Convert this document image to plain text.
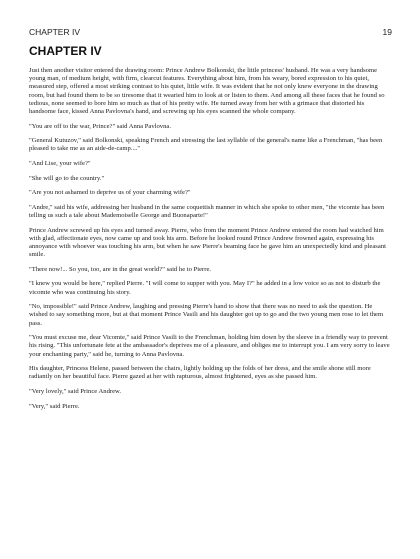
CHAPTER IV	19
CHAPTER IV

Just then another visitor entered the drawing room: Prince Andrew Bolkonski, the little princess' husband. He was a very handsome young man, of medium height, with firm, clearcut features. Everything about him, from his weary, bored expression to his quiet, measured step, offered a most striking contrast to his quiet, little wife. It was evident that he not only knew everyone in the drawing room, but had found them to be so tiresome that it wearied him to look at or listen to them. And among all these faces that he found so tedious, none seemed to bore him so much as that of his pretty wife. He turned away from her with a grimace that distorted his handsome face, kissed Anna Pavlovna's hand, and screwing up his eyes scanned the whole company.

"You are off to the war, Prince?" said Anna Pavlovna.

"General Kutuzov," said Bolkonski, speaking French and stressing the last syllable of the general's name like a Frenchman, "has been pleased to take me as an aide-de-camp...."

"And Lise, your wife?"

"She will go to the country."

"Are you not ashamed to deprive us of your charming wife?"

"Andre," said his wife, addressing her husband in the same coquettish manner in which she spoke to other men, "the vicomte has been telling us such a tale about Mademoiselle George and Buonaparte!"

Prince Andrew screwed up his eyes and turned away. Pierre, who from the moment Prince Andrew entered the room had watched him with glad, affectionate eyes, now came up and took his arm. Before he looked round Prince Andrew frowned again, expressing his annoyance with whoever was touching his arm, but when he saw Pierre's beaming face he gave him an unexpectedly kind and pleasant smile.

"There now!... So you, too, are in the great world?" said he to Pierre.

"I knew you would be here," replied Pierre. "I will come to supper with you. May I?" he added in a low voice so as not to disturb the vicomte who was continuing his story.

"No, impossible!" said Prince Andrew, laughing and pressing Pierre's hand to show that there was no need to ask the question. He wished to say something more, but at that moment Prince Vasili and his daughter got up to go and the two young men rose to let them pass.

"You must excuse me, dear Vicomte," said Prince Vasili to the Frenchman, holding him down by the sleeve in a friendly way to prevent his rising. "This unfortunate fete at the ambassador's deprives me of a pleasure, and obliges me to interrupt you. I am very sorry to leave your enchanting party," said he, turning to Anna Pavlovna.

His daughter, Princess Helene, passed between the chairs, lightly holding up the folds of her dress, and the smile shone still more radiantly on her beautiful face. Pierre gazed at her with rapturous, almost frightened, eyes as she passed him.

"Very lovely," said Prince Andrew.

"Very," said Pierre.
